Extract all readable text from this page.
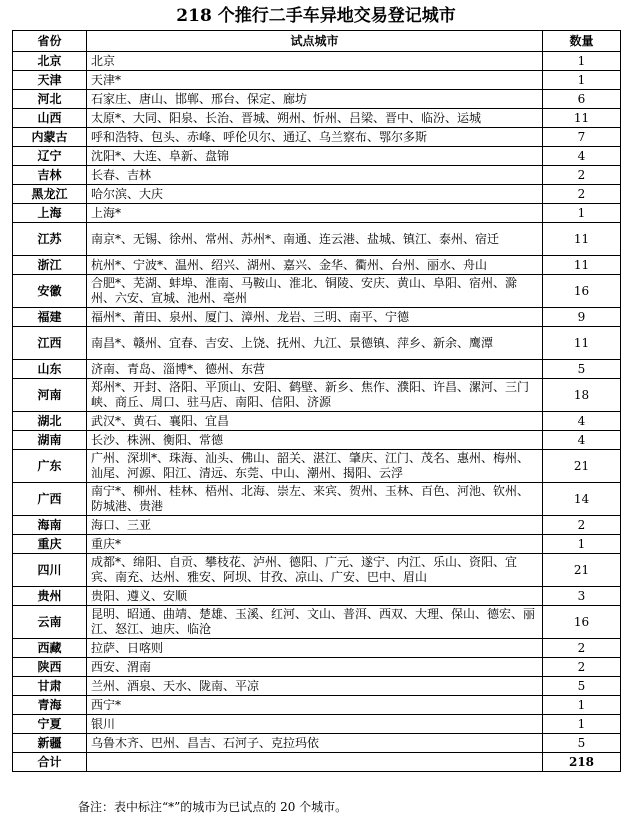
218 个推行二手车异地交易登记城市
省份	试点城市	数量
北京	北京	1
天津	天津*	1
河北	石家庄、唐山、邯郸、邢台、保定、廊坊	6
山西	太原*、大同、阳泉、长治、晋城、朔州、忻州、吕梁、晋中、临汾、运城	11
内蒙古	呼和浩特、包头、赤峰、呼伦贝尔、通辽、乌兰察布、鄂尔多斯	7
辽宁	沈阳*、大连、阜新、盘锦	4
吉林	长春、吉林	2
黑龙江	哈尔滨、大庆	2
上海	上海*	1
江苏	南京*、无锡、徐州、常州、苏州*、南通、连云港、盐城、镇江、泰州、宿迁	11
浙江	杭州*、宁波*、温州、绍兴、湖州、嘉兴、金华、衢州、台州、丽水、舟山	11
安徽	合肥*、芜湖、蚌埠、淮南、马鞍山、淮北、铜陵、安庆、黄山、阜阳、宿州、滁州、六安、宣城、池州、亳州	16
福建	福州*、莆田、泉州、厦门、漳州、龙岩、三明、南平、宁德	9
江西	南昌*、赣州、宜春、吉安、上饶、抚州、九江、景德镇、萍乡、新余、鹰潭	11
山东	济南、青岛、淄博*、德州、东营	5
河南	郑州*、开封、洛阳、平顶山、安阳、鹤壁、新乡、焦作、濮阳、许昌、漯河、三门峡、商丘、周口、驻马店、南阳、信阳、济源	18
湖北	武汉*、黄石、襄阳、宜昌	4
湖南	长沙、株洲、衡阳、常德	4
广东	广州、深圳*、珠海、汕头、佛山、韶关、湛江、肇庆、江门、茂名、惠州、梅州、汕尾、河源、阳江、清远、东莞、中山、潮州、揭阳、云浮	21
广西	南宁*、柳州、桂林、梧州、北海、崇左、来宾、贺州、玉林、百色、河池、钦州、防城港、贵港	14
海南	海口、三亚	2
重庆	重庆*	1
四川	成都*、绵阳、自贡、攀枝花、泸州、德阳、广元、遂宁、内江、乐山、资阳、宜宾、南充、达州、雅安、阿坝、甘孜、凉山、广安、巴中、眉山	21
贵州	贵阳、遵义、安顺	3
云南	昆明、昭通、曲靖、楚雄、玉溪、红河、文山、普洱、西双、大理、保山、德宏、丽江、怒江、迪庆、临沧	16
西藏	拉萨、日喀则	2
陕西	西安、渭南	2
甘肃	兰州、酒泉、天水、陇南、平凉	5
青海	西宁*	1
宁夏	银川	1
新疆	乌鲁木齐、巴州、昌吉、石河子、克拉玛依	5
合计		218
备注：表中标注“*”的城市为已试点的 20 个城市。
